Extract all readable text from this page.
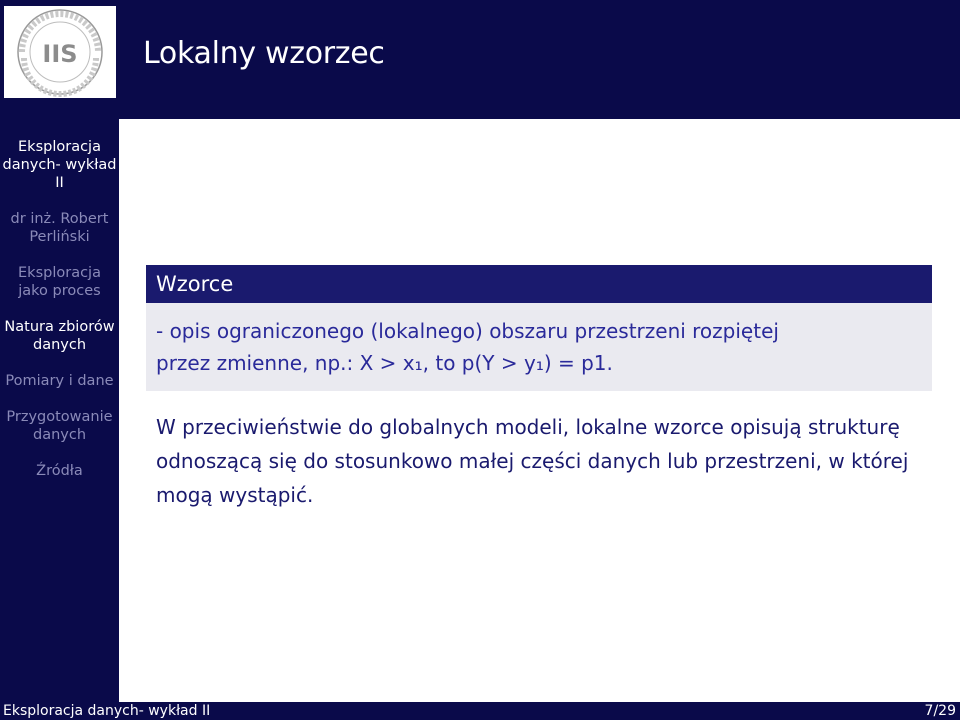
IIS
Eksploracja danych- wykład II
dr inż. Robert Perliński
Eksploracja jako proces
Natura zbiorów danych
Pomiary i dane
Przygotowanie danych
Źródła
Lokalny wzorzec
Wzorce
- opis ograniczonego (lokalnego) obszaru przestrzeni rozpiętej
przez zmienne, np.: X > x₁, to p(Y > y₁) = p1.
W przeciwieństwie do globalnych modeli, lokalne wzorce opisują strukturę odnoszącą się do stosunkowo małej części danych lub przestrzeni, w której mogą wystąpić.
Eksploracja danych- wykład II	7/29
